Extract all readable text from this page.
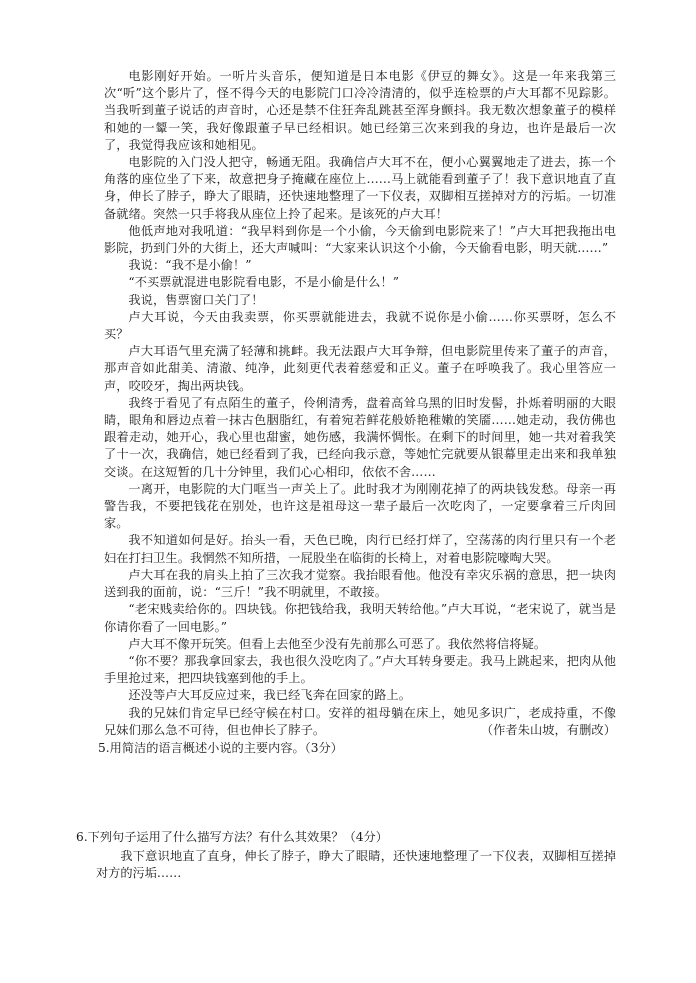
电影刚好开始。一听片头音乐，便知道是日本电影《伊豆的舞女》。这是一年来我第三次“听”这个影片了，怪不得今天的电影院门口冷冷清清的，似乎连检票的卢大耳都不见踪影。当我听到董子说话的声音时，心还是禁不住狂奔乱跳甚至浑身颤抖。我无数次想象董子的模样和她的一颦一笑，我好像跟董子早已经相识。她已经第三次来到我的身边，也许是最后一次了，我觉得我应该和她相见。

电影院的入门没人把守，畅通无阻。我确信卢大耳不在，便小心翼翼地走了进去，拣一个角落的座位坐了下来，故意把身子掩藏在座位上……马上就能看到董子了！我下意识地直了直身，伸长了脖子，睁大了眼睛，还快速地整理了一下仪表，双脚相互搓掉对方的污垢。一切准备就绪。突然一只手将我从座位上拎了起来。是该死的卢大耳！

他低声地对我吼道：“我早料到你是一个小偷，今天偷到电影院来了！”卢大耳把我拖出电影院，扔到门外的大街上，还大声喊叫：“大家来认识这个小偷，今天偷看电影，明天就……”

我说：“我不是小偷！”

“不买票就混进电影院看电影，不是小偷是什么！”

我说，售票窗口关门了！

卢大耳说，今天由我卖票，你买票就能进去，我就不说你是小偷……你买票呀，怎么不买？

卢大耳语气里充满了轻薄和挑衅。我无法跟卢大耳争辩，但电影院里传来了董子的声音，那声音如此甜美、清澈、纯净，此刻更代表着慈爱和正义。董子在呼唤我了。我心里答应一声，咬咬牙，掏出两块钱。

我终于看见了有点陌生的董子，伶俐清秀，盘着高耸乌黑的旧时发髻，扑烁着明丽的大眼睛，眼角和唇边点着一抹古色胭脂红，有着宛若鲜花般娇艳稚嫩的笑靥……她走动，我仿佛也跟着走动，她开心，我心里也甜蜜，她伤感，我满怀惆怅。在剩下的时间里，她一共对着我笑了十一次，我确信，她已经看到了我，已经向我示意，等她忙完就要从银幕里走出来和我单独交谈。在这短暂的几十分钟里，我们心心相印，依依不舍……

一离开，电影院的大门哐当一声关上了。此时我才为刚刚花掉了的两块钱发愁。母亲一再警告我，不要把钱花在别处，也许这是祖母这一辈子最后一次吃肉了，一定要拿着三斤肉回家。

我不知道如何是好。抬头一看，天色已晚，肉行已经打烊了，空荡荡的肉行里只有一个老妇在打扫卫生。我惘然不知所措，一屁股坐在临街的长椅上，对着电影院嚎啕大哭。

卢大耳在我的肩头上拍了三次我才觉察。我抬眼看他。他没有幸灾乐祸的意思，把一块肉送到我的面前，说：“三斤！”我不明就里，不敢接。

“老宋贱卖给你的。四块钱。你把钱给我，我明天转给他。”卢大耳说，“老宋说了，就当是你请你看了一回电影。”

卢大耳不像开玩笑。但看上去他至少没有先前那么可恶了。我依然将信将疑。

“你不要？那我拿回家去，我也很久没吃肉了。”卢大耳转身要走。我马上跳起来，把肉从他手里抢过来，把四块钱塞到他的手上。

还没等卢大耳反应过来，我已经飞奔在回家的路上。

我的兄妹们肯定早已经守候在村口。安祥的祖母躺在床上，她见多识广，老成持重，不像兄妹们那么急不可待，但也伸长了脖子。	（作者朱山坡，有删改）

5.用简洁的语言概述小说的主要内容。（3分）

6.下列句子运用了什么描写方法？有什么其效果？（4分）

我下意识地直了直身，伸长了脖子，睁大了眼睛，还快速地整理了一下仪表，双脚相互搓掉对方的污垢……
